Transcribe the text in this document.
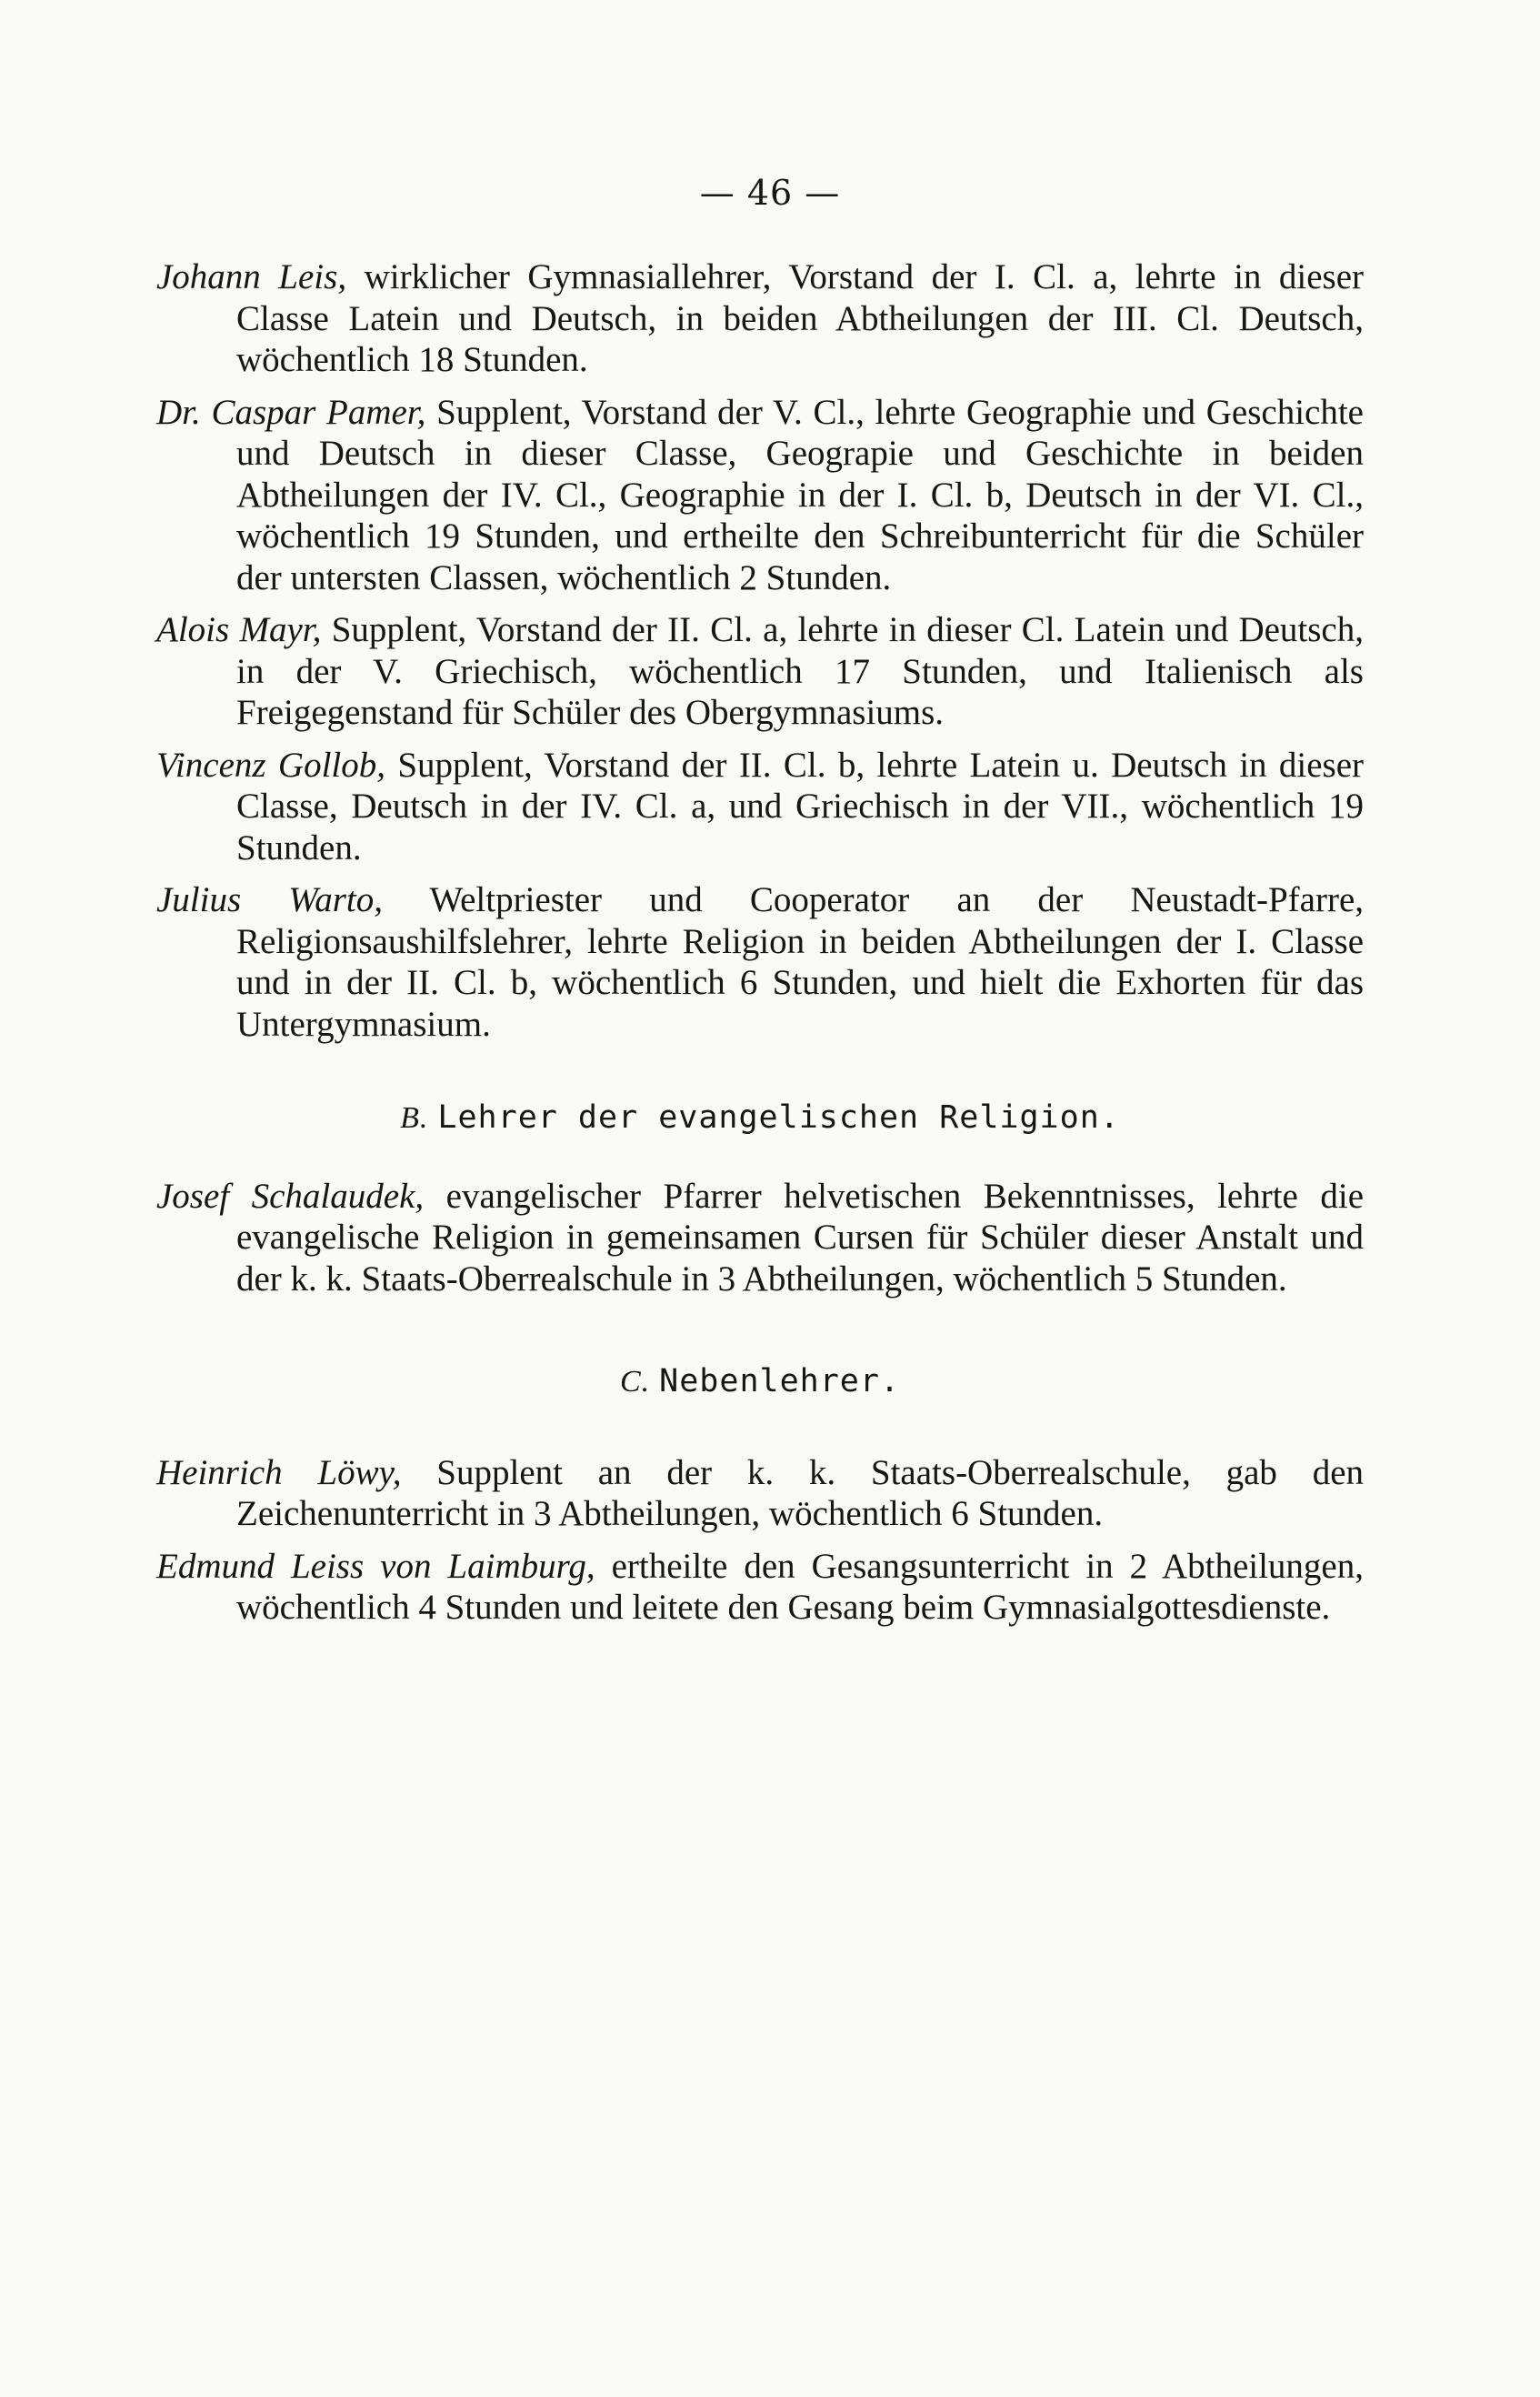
— 46 —

Johann Leis, wirklicher Gymnasiallehrer, Vorstand der I. Cl. a, lehrte in dieser Classe Latein und Deutsch, in beiden Abtheilungen der III. Cl. Deutsch, wöchentlich 18 Stunden.

Dr. Caspar Pamer, Supplent, Vorstand der V. Cl., lehrte Geographie und Geschichte und Deutsch in dieser Classe, Geograpie und Geschichte in beiden Abtheilungen der IV. Cl., Geographie in der I. Cl. b, Deutsch in der VI. Cl., wöchentlich 19 Stunden, und ertheilte den Schreibunterricht für die Schüler der untersten Classen, wöchentlich 2 Stunden.

Alois Mayr, Supplent, Vorstand der II. Cl. a, lehrte in dieser Cl. Latein und Deutsch, in der V. Griechisch, wöchentlich 17 Stunden, und Italienisch als Freigegenstand für Schüler des Obergymnasiums.

Vincenz Gollob, Supplent, Vorstand der II. Cl. b, lehrte Latein u. Deutsch in dieser Classe, Deutsch in der IV. Cl. a, und Griechisch in der VII., wöchentlich 19 Stunden.

Julius Warto, Weltpriester und Cooperator an der Neustadt-Pfarre, Religionsaushilfslehrer, lehrte Religion in beiden Abtheilungen der I. Classe und in der II. Cl. b, wöchentlich 6 Stunden, und hielt die Exhorten für das Untergymnasium.

B. Lehrer der evangelischen Religion.

Josef Schalaudek, evangelischer Pfarrer helvetischen Bekenntnisses, lehrte die evangelische Religion in gemeinsamen Cursen für Schüler dieser Anstalt und der k. k. Staats-Oberrealschule in 3 Abtheilungen, wöchentlich 5 Stunden.

C. Nebenlehrer.

Heinrich Löwy, Supplent an der k. k. Staats-Oberrealschule, gab den Zeichenunterricht in 3 Abtheilungen, wöchentlich 6 Stunden.

Edmund Leiss von Laimburg, ertheilte den Gesangsunterricht in 2 Abtheilungen, wöchentlich 4 Stunden und leitete den Gesang beim Gymnasialgottesdienste.
